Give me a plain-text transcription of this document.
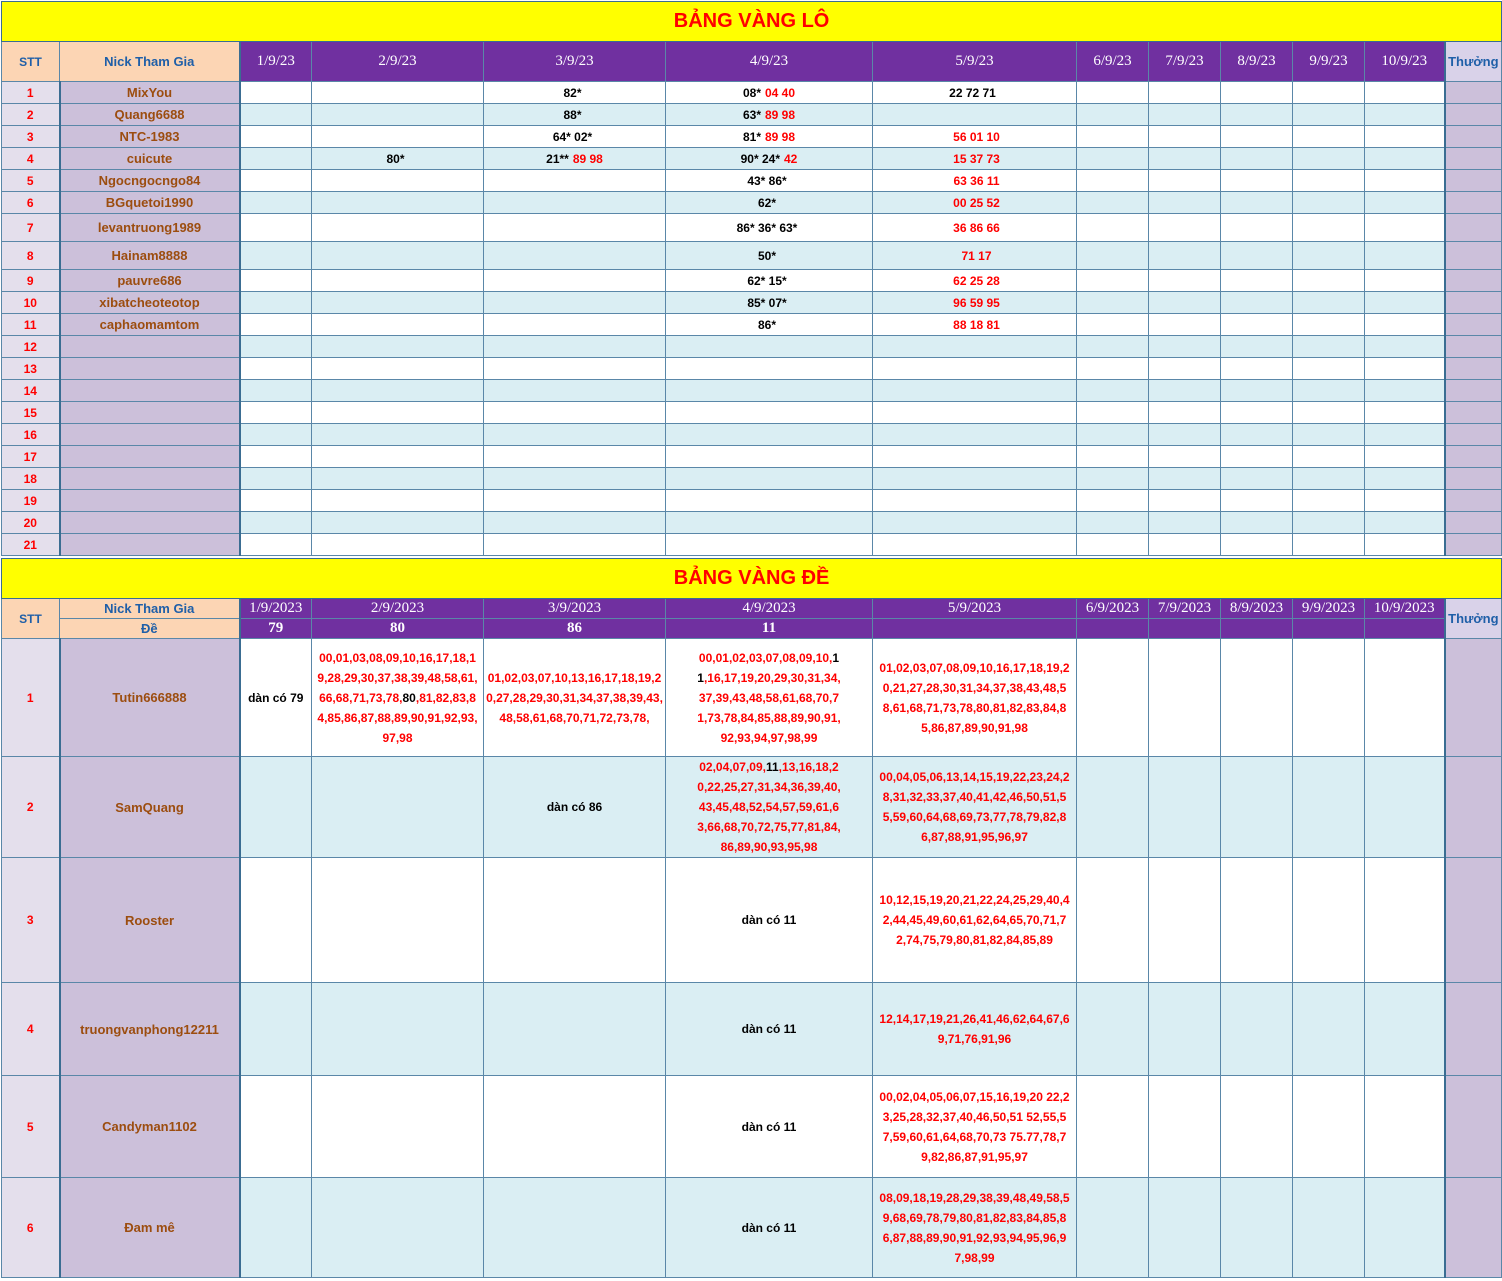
BẢNG VÀNG LÔ												
STT	Nick Tham Gia	1/9/23	2/9/23	3/9/23	4/9/23	5/9/23	6/9/23	7/9/23	8/9/23	9/9/23	10/9/23	Thưởng
1	MixYou			82*	08* 04 40	22 72 71						
2	Quang6688			88*	63* 89 98							
3	NTC-1983			64* 02*	81* 89 98	56 01 10						
4	cuicute		80*	21** 89 98	90* 24* 42	15 37 73						
5	Ngocngocngo84				43* 86*	63 36 11						
6	BGquetoi1990				62*	00 25 52						
7	levantruong1989				86* 36* 63*	36 86 66						
8	Hainam8888				50*	71 17						
9	pauvre686				62* 15*	62 25 28						
10	xibatcheoteotop				85* 07*	96 59 95						
11	caphaomamtom				86*	88 18 81						
12												
13												
14												
15												
16												
17												
18												
19												
20												
21												
BẢNG VÀNG ĐỀ												
STT	Nick Tham Gia	1/9/2023	2/9/2023	3/9/2023	4/9/2023	5/9/2023	6/9/2023	7/9/2023	8/9/2023	9/9/2023	10/9/2023	Thưởng
	Đề	79	80	86	11							
1	Tutin666888	dàn có 79	00,01,03,08,09,10,16,17,18,19,28,29,30,37,38,39,48,58,61,66,68,71,73,78,80,81,82,83,84,85,86,87,88,89,90,91,92,93,97,98	01,02,03,07,10,13,16,17,18,19,20,27,28,29,30,31,34,37,38,39,43,48,58,61,68,70,71,72,73,78,	00,01,02,03,07,08,09,10,11,16,17,19,20,29,30,31,34,37,39,43,48,58,61,68,70,71,73,78,84,85,88,89,90,91,92,93,94,97,98,99	01,02,03,07,08,09,10,16,17,18,19,20,21,27,28,30,31,34,37,38,43,48,58,61,68,71,73,78,80,81,82,83,84,85,86,87,89,90,91,98						
2	SamQuang			dàn có 86	02,04,07,09,11,13,16,18,20,22,25,27,31,34,36,39,40,43,45,48,52,54,57,59,61,63,66,68,70,72,75,77,81,84,86,89,90,93,95,98	00,04,05,06,13,14,15,19,22,23,24,28,31,32,33,37,40,41,42,46,50,51,55,59,60,64,68,69,73,77,78,79,82,86,87,88,91,95,96,97						
3	Rooster				dàn có 11	10,12,15,19,20,21,22,24,25,29,40,42,44,45,49,60,61,62,64,65,70,71,72,74,75,79,80,81,82,84,85,89						
4	truongvanphong12211				dàn có 11	12,14,17,19,21,26,41,46,62,64,67,69,71,76,91,96						
5	Candyman1102				dàn có 11	00,02,04,05,06,07,15,16,19,20 22,23,25,28,32,37,40,46,50,51 52,55,57,59,60,61,64,68,70,73 75.77,78,79,82,86,87,91,95,97						
6	Đam mê				dàn có 11	08,09,18,19,28,29,38,39,48,49,58,59,68,69,78,79,80,81,82,83,84,85,86,87,88,89,90,91,92,93,94,95,96,97,98,99						
